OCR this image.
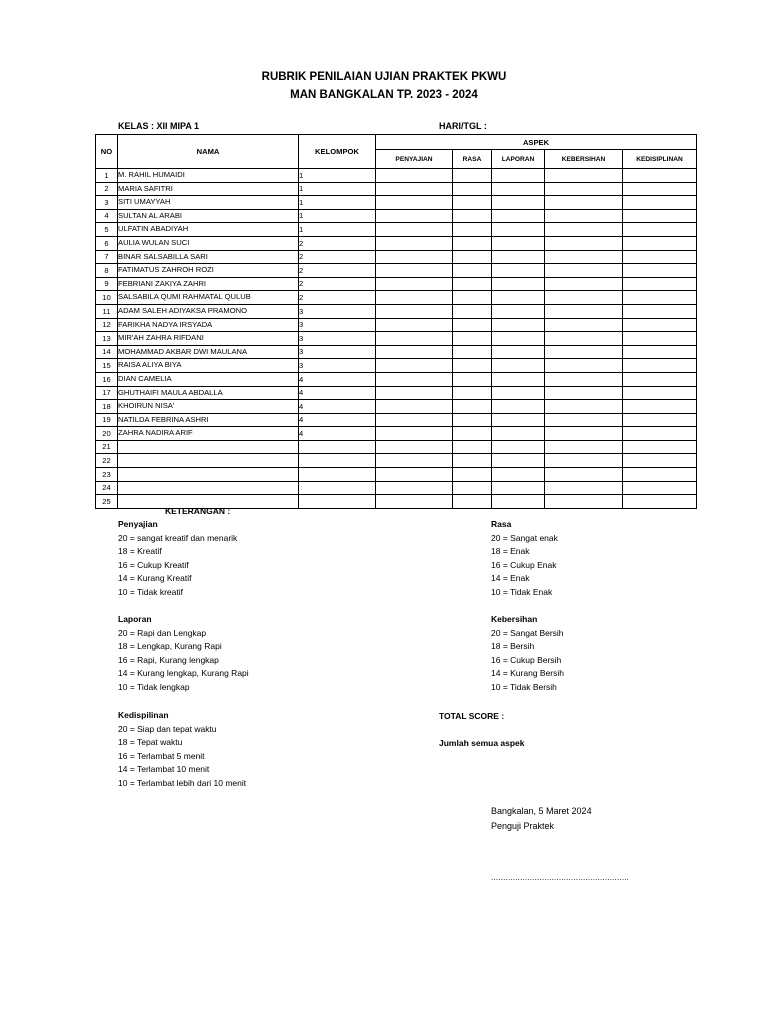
RUBRIK PENILAIAN UJIAN PRAKTEK PKWU
MAN BANGKALAN TP. 2023 - 2024
KELAS : XII MIPA 1	HARI/TGL :
NO	NAMA	KELOMPOK	ASPEK				
			PENYAJIAN	RASA	LAPORAN	KEBERSIHAN	KEDISIPLINAN
1	M. RAHIL HUMAIDI	1					
2	MARIA SAFITRI	1					
3	SITI UMAYYAH	1					
4	SULTAN AL ARABI	1					
5	ULFATIN ABADIYAH	1					
6	AULIA WULAN SUCI	2					
7	BINAR SALSABILLA SARI	2					
8	FATIMATUS ZAHROH ROZI	2					
9	FEBRIANI ZAKIYA ZAHRI	2					
10	SALSABILA QUMI RAHMATAL QULUB	2					
11	ADAM SALEH ADIYAKSA PRAMONO	3					
12	FARIKHA NADYA IRSYADA	3					
13	MIR'AH ZAHRA RIFDANI	3					
14	MOHAMMAD AKBAR DWI MAULANA	3					
15	RAISA ALIYA BIYA	3					
16	DIAN CAMELIA	4					
17	GHUTHAIFI MAULA ABDALLA	4					
18	KHOIRUN NISA'	4					
19	NATILDA FEBRINA ASHRI	4					
20	ZAHRA NADIRA ARIF	4					
21							
22							
23							
24							
25							
KETERANGAN :
Penyajian
20 = sangat kreatif dan menarik
18 = Kreatif
16 = Cukup Kreatif
14 = Kurang Kreatif
10 = Tidak kreatif
Rasa
20 = Sangat enak
18 = Enak
16 = Cukup Enak
14 = Enak
10 = Tidak Enak
Laporan
20 = Rapi dan Lengkap
18 = Lengkap, Kurang Rapi
16 = Rapi, Kurang lengkap
14 = Kurang lengkap, Kurang Rapi
10 = Tidak lengkap
Kebersihan
20 = Sangat Bersih
18 = Bersih
16 = Cukup Bersih
14 = Kurang Bersih
10 = Tidak Bersih
Kedispilinan
20 = Siap dan tepat waktu
18 = Tepat waktu
16 = Terlambat 5 menit
14 = Terlambat 10 menit
10 = Terlambat lebih dari 10 menit
TOTAL SCORE :
Jumlah semua aspek
Bangkalan, 5 Maret 2024
Penguji Praktek
.........................................................
